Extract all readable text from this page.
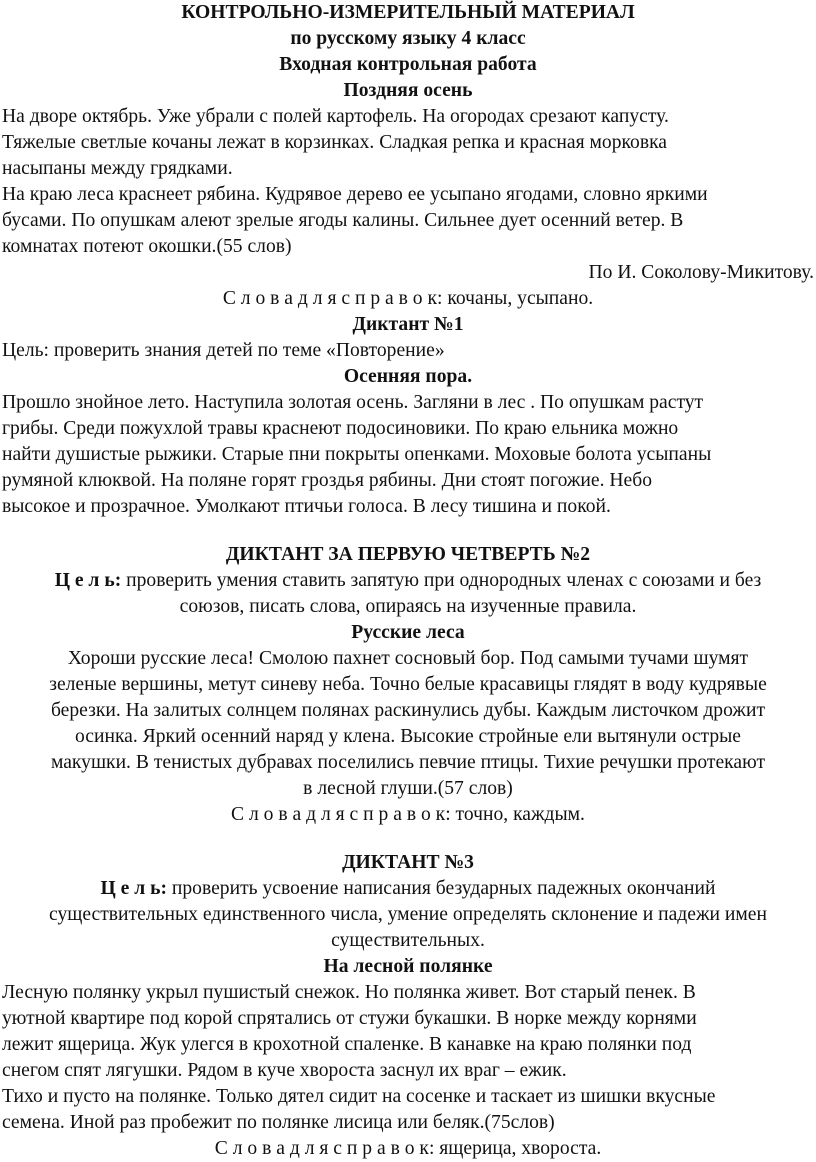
КОНТРОЛЬНО-ИЗМЕРИТЕЛЬНЫЙ МАТЕРИАЛ

по русскому языку 4 класс

Входная контрольная работа

Поздняя осень

На дворе октябрь. Уже убрали с полей картофель. На огородах срезают капусту.

Тяжелые светлые кочаны лежат в корзинках. Сладкая репка и красная морковка

насыпаны между грядками.

На краю леса краснеет рябина. Кудрявое дерево ее усыпано ягодами, словно яркими

бусами. По опушкам алеют зрелые ягоды калины. Сильнее дует осенний ветер. В

комнатах потеют окошки.(55 слов)

По И. Соколову-Микитову.

С л о в а д л я с п р а в о к: кочаны, усыпано.

Диктант №1

Цель: проверить знания детей по теме «Повторение»

Осенняя пора.

Прошло знойное лето. Наступила золотая осень. Загляни в лес . По опушкам растут

грибы. Среди пожухлой травы краснеют подосиновики. По краю ельника можно

найти душистые рыжики. Старые пни покрыты опенками. Моховые болота усыпаны

румяной клюквой. На поляне горят гроздья рябины. Дни стоят погожие. Небо

высокое и прозрачное. Умолкают птичьи голоса. В лесу тишина и покой.

ДИКТАНТ ЗА ПЕРВУЮ ЧЕТВЕРТЬ №2

Ц е л ь: проверить умения ставить запятую при однородных членах с союзами и без

союзов, писать слова, опираясь на изученные правила.

Русские леса

Хороши русские леса! Смолою пахнет сосновый бор. Под самыми тучами шумят

зеленые вершины, метут синеву неба. Точно белые красавицы глядят в воду кудрявые

березки. На залитых солнцем полянах раскинулись дубы. Каждым листочком дрожит

осинка. Яркий осенний наряд у клена. Высокие стройные ели вытянули острые

макушки. В тенистых дубравах поселились певчие птицы. Тихие речушки протекают

в лесной глуши.(57 слов)

С л о в а д л я с п р а в о к: точно, каждым.

ДИКТАНТ №3

Ц е л ь: проверить усвоение написания безударных падежных окончаний

существительных единственного числа, умение определять склонение и падежи имен

существительных.

На лесной полянке

Лесную полянку укрыл пушистый снежок. Но полянка живет. Вот старый пенек. В

уютной квартире под корой спрятались от стужи букашки. В норке между корнями

лежит ящерица. Жук улегся в крохотной спаленке. В канавке на краю полянки под

снегом спят лягушки. Рядом в куче хвороста заснул их враг – ежик.

Тихо и пусто на полянке. Только дятел сидит на сосенке и таскает из шишки вкусные

семена. Иной раз пробежит по полянке лисица или беляк.(75слов)

С л о в а д л я с п р а в о к: ящерица, хвороста.
